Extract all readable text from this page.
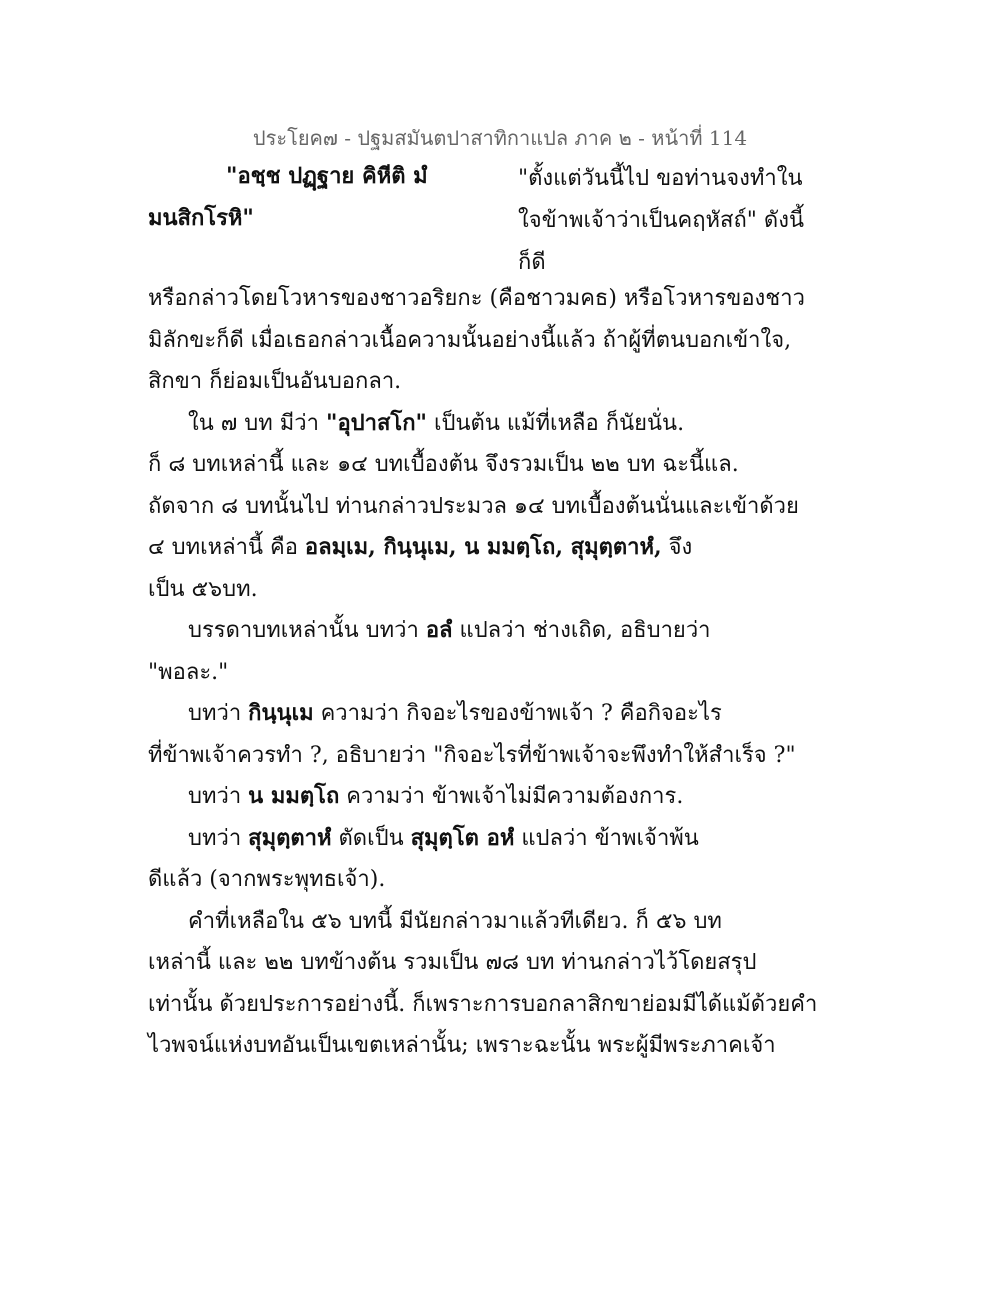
ประโยค๗ - ปฐมสมันตปาสาทิกาแปล ภาค ๒ - หน้าที่ 114
"อชฺช ปฏฺฐาย คิหีติ มํ
มนสิกโรหิ"
"ตั้งแต่วันนี้ไป ขอท่านจงทำใน
ใจข้าพเจ้าว่าเป็นคฤหัสถ์" ดังนี้
ก็ดี
หรือกล่าวโดยโวหารของชาวอริยกะ (คือชาวมคธ) หรือโวหารของชาว
มิลักขะก็ดี เมื่อเธอกล่าวเนื้อความนั้นอย่างนี้แล้ว ถ้าผู้ที่ตนบอกเข้าใจ,
สิกขา ก็ย่อมเป็นอันบอกลา.
ใน ๗ บท มีว่า "อุปาสโก" เป็นต้น แม้ที่เหลือ ก็นัยนั่น.
ก็ ๘ บทเหล่านี้ และ ๑๔ บทเบื้องต้น จึงรวมเป็น ๒๒ บท ฉะนี้แล.
ถัดจาก ๘ บทนั้นไป ท่านกล่าวประมวล ๑๔ บทเบื้องต้นนั่นและเข้าด้วย
๔ บทเหล่านี้ คือ อลมฺเม, กินฺนุเม, น มมตฺโถ, สุมุตฺตาหํ, จึง
เป็น ๕๖บท.
บรรดาบทเหล่านั้น บทว่า อลํ แปลว่า ช่างเถิด, อธิบายว่า
"พอละ."
บทว่า กินฺนุเม ความว่า กิจอะไรของข้าพเจ้า ? คือกิจอะไร
ที่ข้าพเจ้าควรทำ ?, อธิบายว่า "กิจอะไรที่ข้าพเจ้าจะพึงทำให้สำเร็จ ?"
บทว่า น มมตฺโถ ความว่า ข้าพเจ้าไม่มีความต้องการ.
บทว่า สุมุตฺตาหํ ตัดเป็น สุมุตฺโต อหํ แปลว่า ข้าพเจ้าพ้น
ดีแล้ว (จากพระพุทธเจ้า).
คำที่เหลือใน ๕๖ บทนี้ มีนัยกล่าวมาแล้วทีเดียว. ก็ ๕๖ บท
เหล่านี้ และ ๒๒ บทข้างต้น รวมเป็น ๗๘ บท ท่านกล่าวไว้โดยสรุป
เท่านั้น ด้วยประการอย่างนี้. ก็เพราะการบอกลาสิกขาย่อมมีได้แม้ด้วยคำ
ไวพจน์แห่งบทอันเป็นเขตเหล่านั้น; เพราะฉะนั้น พระผู้มีพระภาคเจ้า
